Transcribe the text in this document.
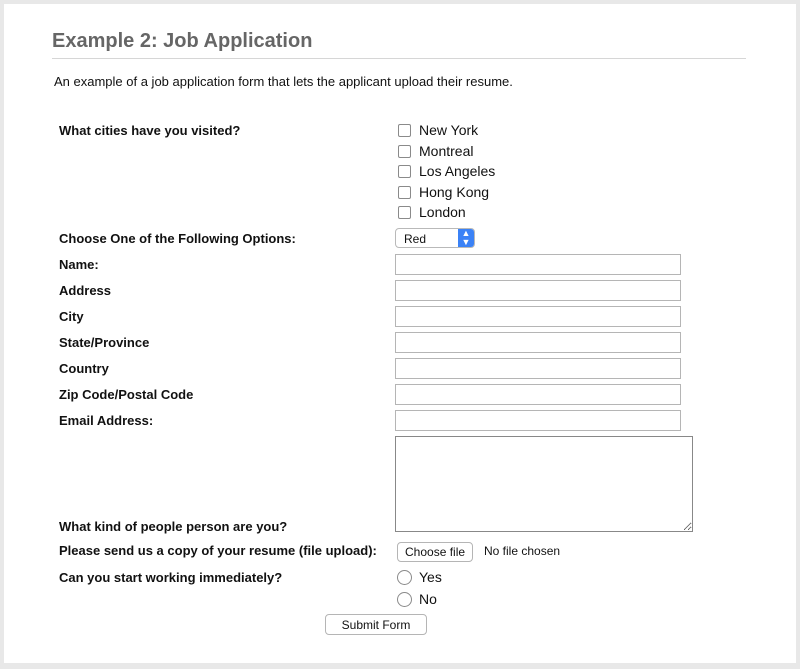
Example 2: Job Application
An example of a job application form that lets the applicant upload their resume.
What cities have you visited?	New York
Montreal
Los Angeles
Hong Kong
London
Choose One of the Following Options:	Red	▲
▼
Name:
Address
City
State/Province
Country
Zip Code/Postal Code
Email Address:
What kind of people person are you?
Please send us a copy of your resume (file upload):	Choose file	No file chosen
Can you start working immediately?	Yes
No
Submit Form
